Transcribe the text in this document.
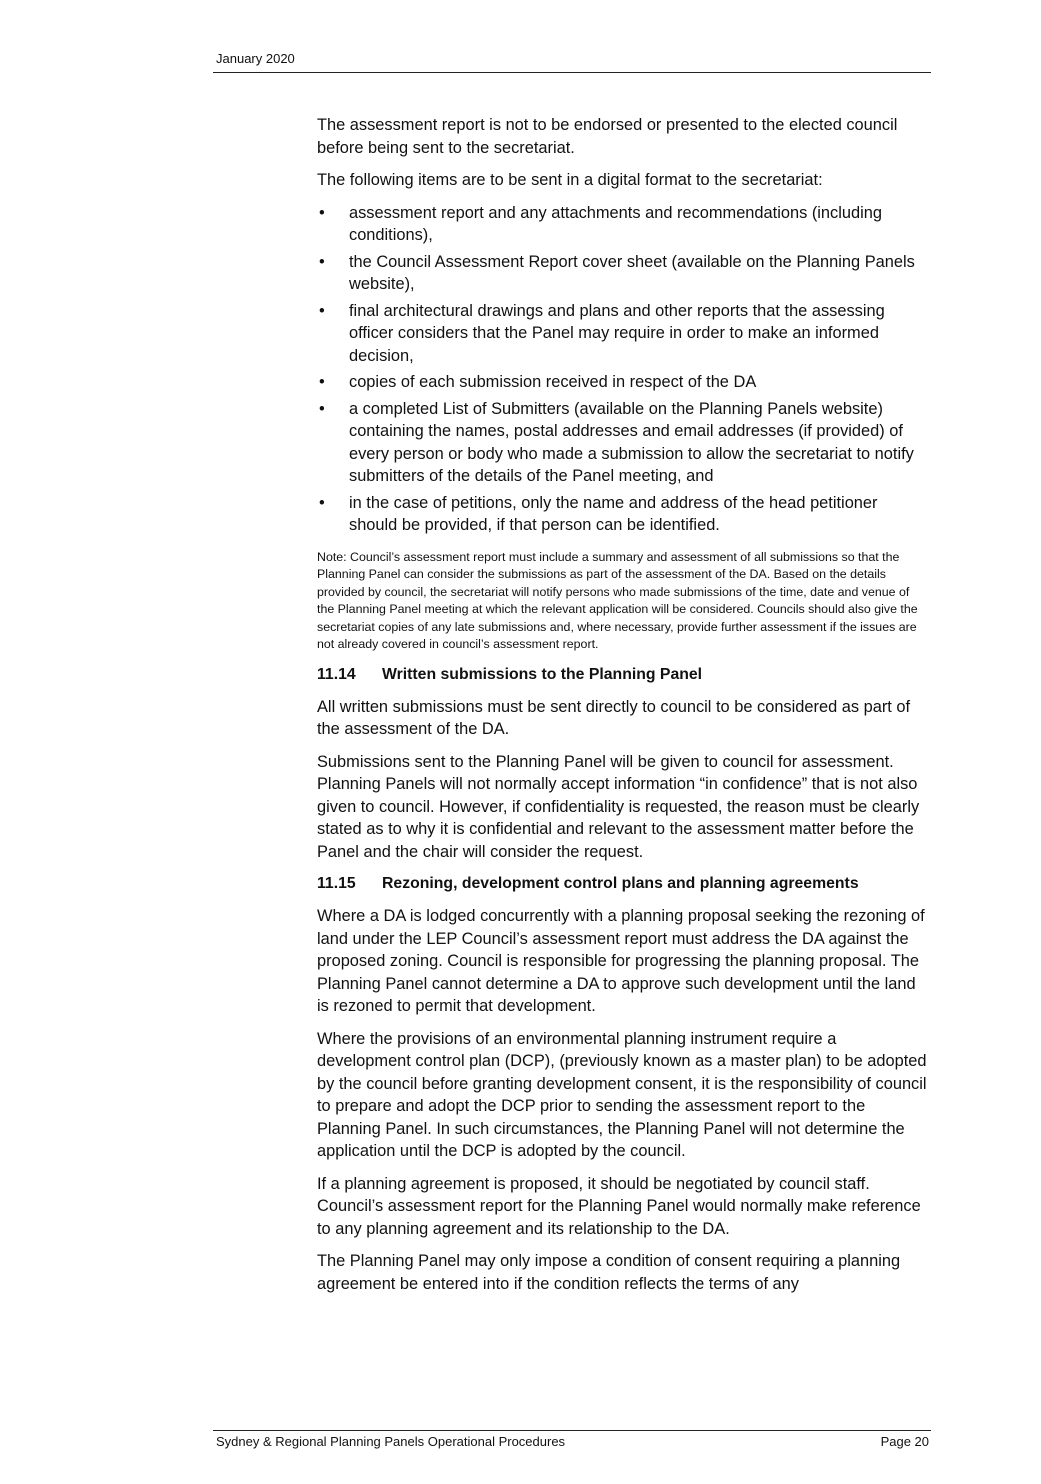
January 2020

The assessment report is not to be endorsed or presented to the elected council before being sent to the secretariat.

The following items are to be sent in a digital format to the secretariat:

• assessment report and any attachments and recommendations (including conditions),
• the Council Assessment Report cover sheet (available on the Planning Panels website),
• final architectural drawings and plans and other reports that the assessing officer considers that the Panel may require in order to make an informed decision,
• copies of each submission received in respect of the DA
• a completed List of Submitters (available on the Planning Panels website) containing the names, postal addresses and email addresses (if provided) of every person or body who made a submission to allow the secretariat to notify submitters of the details of the Panel meeting, and
• in the case of petitions, only the name and address of the head petitioner should be provided, if that person can be identified.

Note: Council’s assessment report must include a summary and assessment of all submissions so that the Planning Panel can consider the submissions as part of the assessment of the DA. Based on the details provided by council, the secretariat will notify persons who made submissions of the time, date and venue of the Planning Panel meeting at which the relevant application will be considered. Councils should also give the secretariat copies of any late submissions and, where necessary, provide further assessment if the issues are not already covered in council’s assessment report.

11.14 Written submissions to the Planning Panel

All written submissions must be sent directly to council to be considered as part of the assessment of the DA.

Submissions sent to the Planning Panel will be given to council for assessment. Planning Panels will not normally accept information “in confidence” that is not also given to council. However, if confidentiality is requested, the reason must be clearly stated as to why it is confidential and relevant to the assessment matter before the Panel and the chair will consider the request.

11.15 Rezoning, development control plans and planning agreements

Where a DA is lodged concurrently with a planning proposal seeking the rezoning of land under the LEP Council’s assessment report must address the DA against the proposed zoning. Council is responsible for progressing the planning proposal. The Planning Panel cannot determine a DA to approve such development until the land is rezoned to permit that development.

Where the provisions of an environmental planning instrument require a development control plan (DCP), (previously known as a master plan) to be adopted by the council before granting development consent, it is the responsibility of council to prepare and adopt the DCP prior to sending the assessment report to the Planning Panel. In such circumstances, the Planning Panel will not determine the application until the DCP is adopted by the council.

If a planning agreement is proposed, it should be negotiated by council staff. Council’s assessment report for the Planning Panel would normally make reference to any planning agreement and its relationship to the DA.

The Planning Panel may only impose a condition of consent requiring a planning agreement be entered into if the condition reflects the terms of any

Sydney & Regional Planning Panels Operational Procedures	Page 20
